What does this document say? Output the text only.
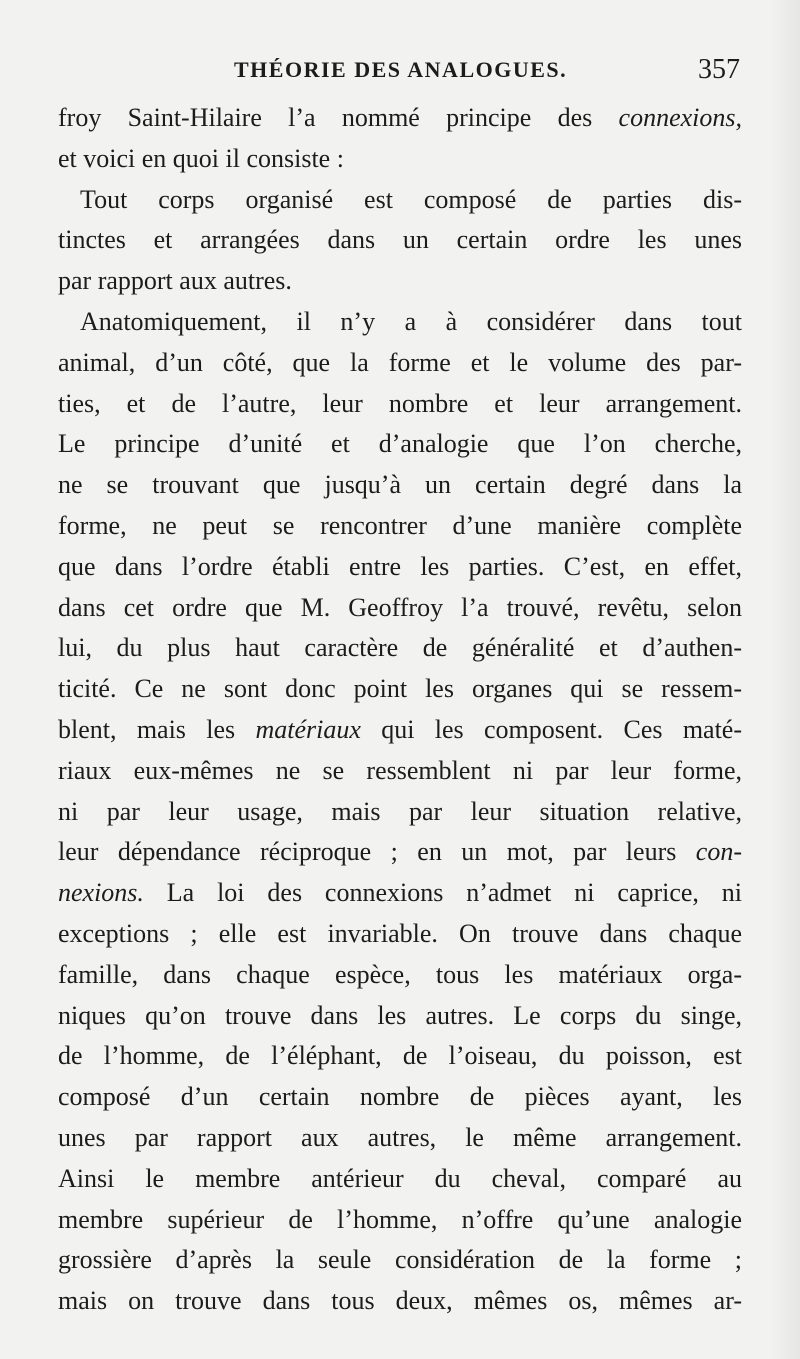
THÉORIE DES ANALOGUES.	357
froy Saint-Hilaire l’a nommé principe des connexions,
et voici en quoi il consiste :
Tout corps organisé est composé de parties dis-
tinctes et arrangées dans un certain ordre les unes
par rapport aux autres.
Anatomiquement, il n’y a à considérer dans tout
animal, d’un côté, que la forme et le volume des par-
ties, et de l’autre, leur nombre et leur arrangement.
Le principe d’unité et d’analogie que l’on cherche,
ne se trouvant que jusqu’à un certain degré dans la
forme, ne peut se rencontrer d’une manière complète
que dans l’ordre établi entre les parties. C’est, en effet,
dans cet ordre que M. Geoffroy l’a trouvé, revêtu, selon
lui, du plus haut caractère de généralité et d’authen-
ticité. Ce ne sont donc point les organes qui se ressem-
blent, mais les matériaux qui les composent. Ces maté-
riaux eux-mêmes ne se ressemblent ni par leur forme,
ni par leur usage, mais par leur situation relative,
leur dépendance réciproque ; en un mot, par leurs con-
nexions. La loi des connexions n’admet ni caprice, ni
exceptions ; elle est invariable. On trouve dans chaque
famille, dans chaque espèce, tous les matériaux orga-
niques qu’on trouve dans les autres. Le corps du singe,
de l’homme, de l’éléphant, de l’oiseau, du poisson, est
composé d’un certain nombre de pièces ayant, les
unes par rapport aux autres, le même arrangement.
Ainsi le membre antérieur du cheval, comparé au
membre supérieur de l’homme, n’offre qu’une analogie
grossière d’après la seule considération de la forme ;
mais on trouve dans tous deux, mêmes os, mêmes ar-
